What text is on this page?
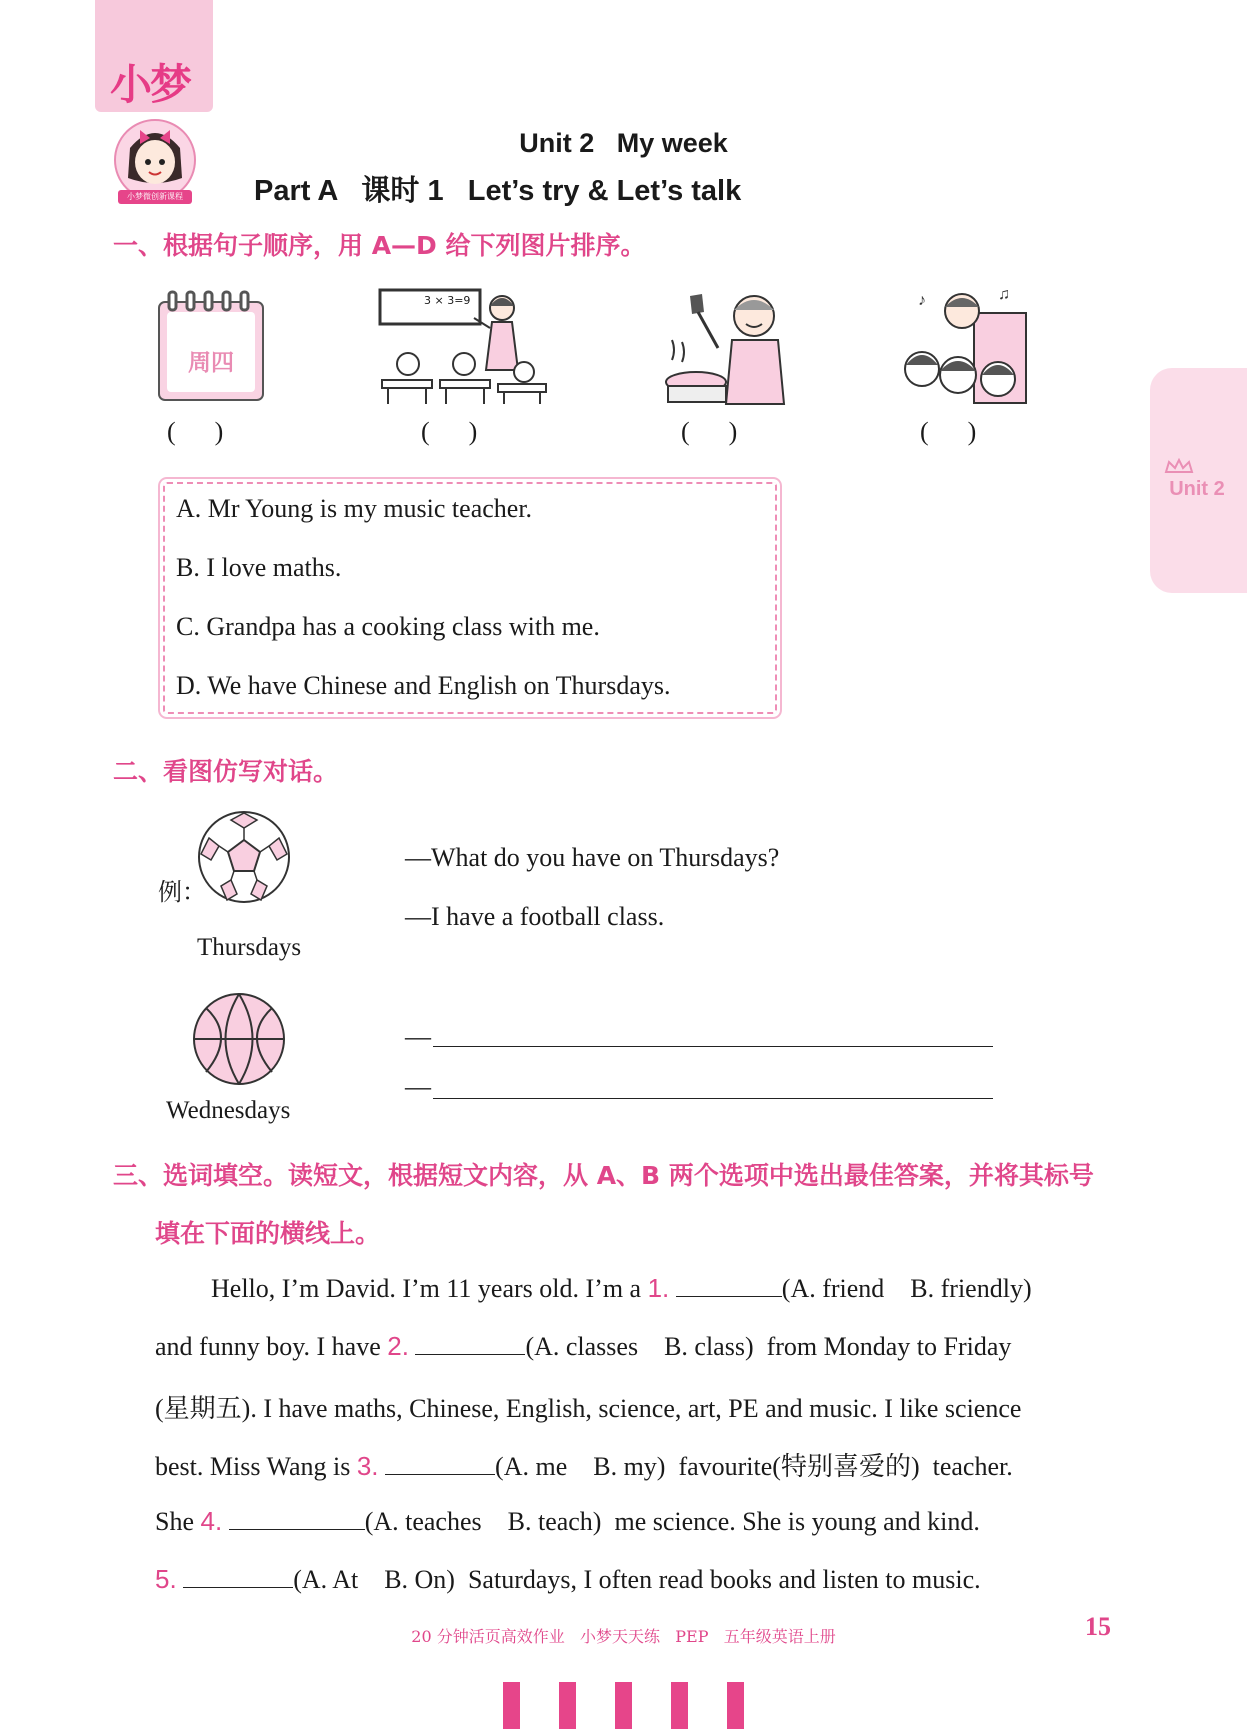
小梦
小梦微创新课程
Unit 2
Unit 2   My week
Part A   课时 1   Let’s try & Let’s talk
一、根据句子顺序，用 A—D 给下列图片排序。
周四
3 × 3=9	♪	♫
(      )	(      )	(      )	(      )
A. Mr Young is my music teacher.
B. I love maths.
C. Grandpa has a cooking class with me.
D. We have Chinese and English on Thursdays.
二、看图仿写对话。
例：
Thursdays
—What do you have on Thursdays?
—I have a football class.
Wednesdays
—
—
三、选词填空。读短文，根据短文内容，从 A、B 两个选项中选出最佳答案，并将其标号
填在下面的横线上。
Hello, I’m David. I’m 11 years old. I’m a 1.	(A. friend    B. friendly)
and funny boy. I have 2.	(A. classes    B. class)  from Monday to Friday
(星期五). I have maths, Chinese, English, science, art, PE and music. I like science
best. Miss Wang is 3.	(A. me    B. my)  favourite(特别喜爱的)  teacher.
She 4.	(A. teaches    B. teach)  me science. She is young and kind.
5.	(A. At    B. On)  Saturdays, I often read books and listen to music.
20 分钟活页高效作业   小梦天天练   PEP   五年级英语上册	15
